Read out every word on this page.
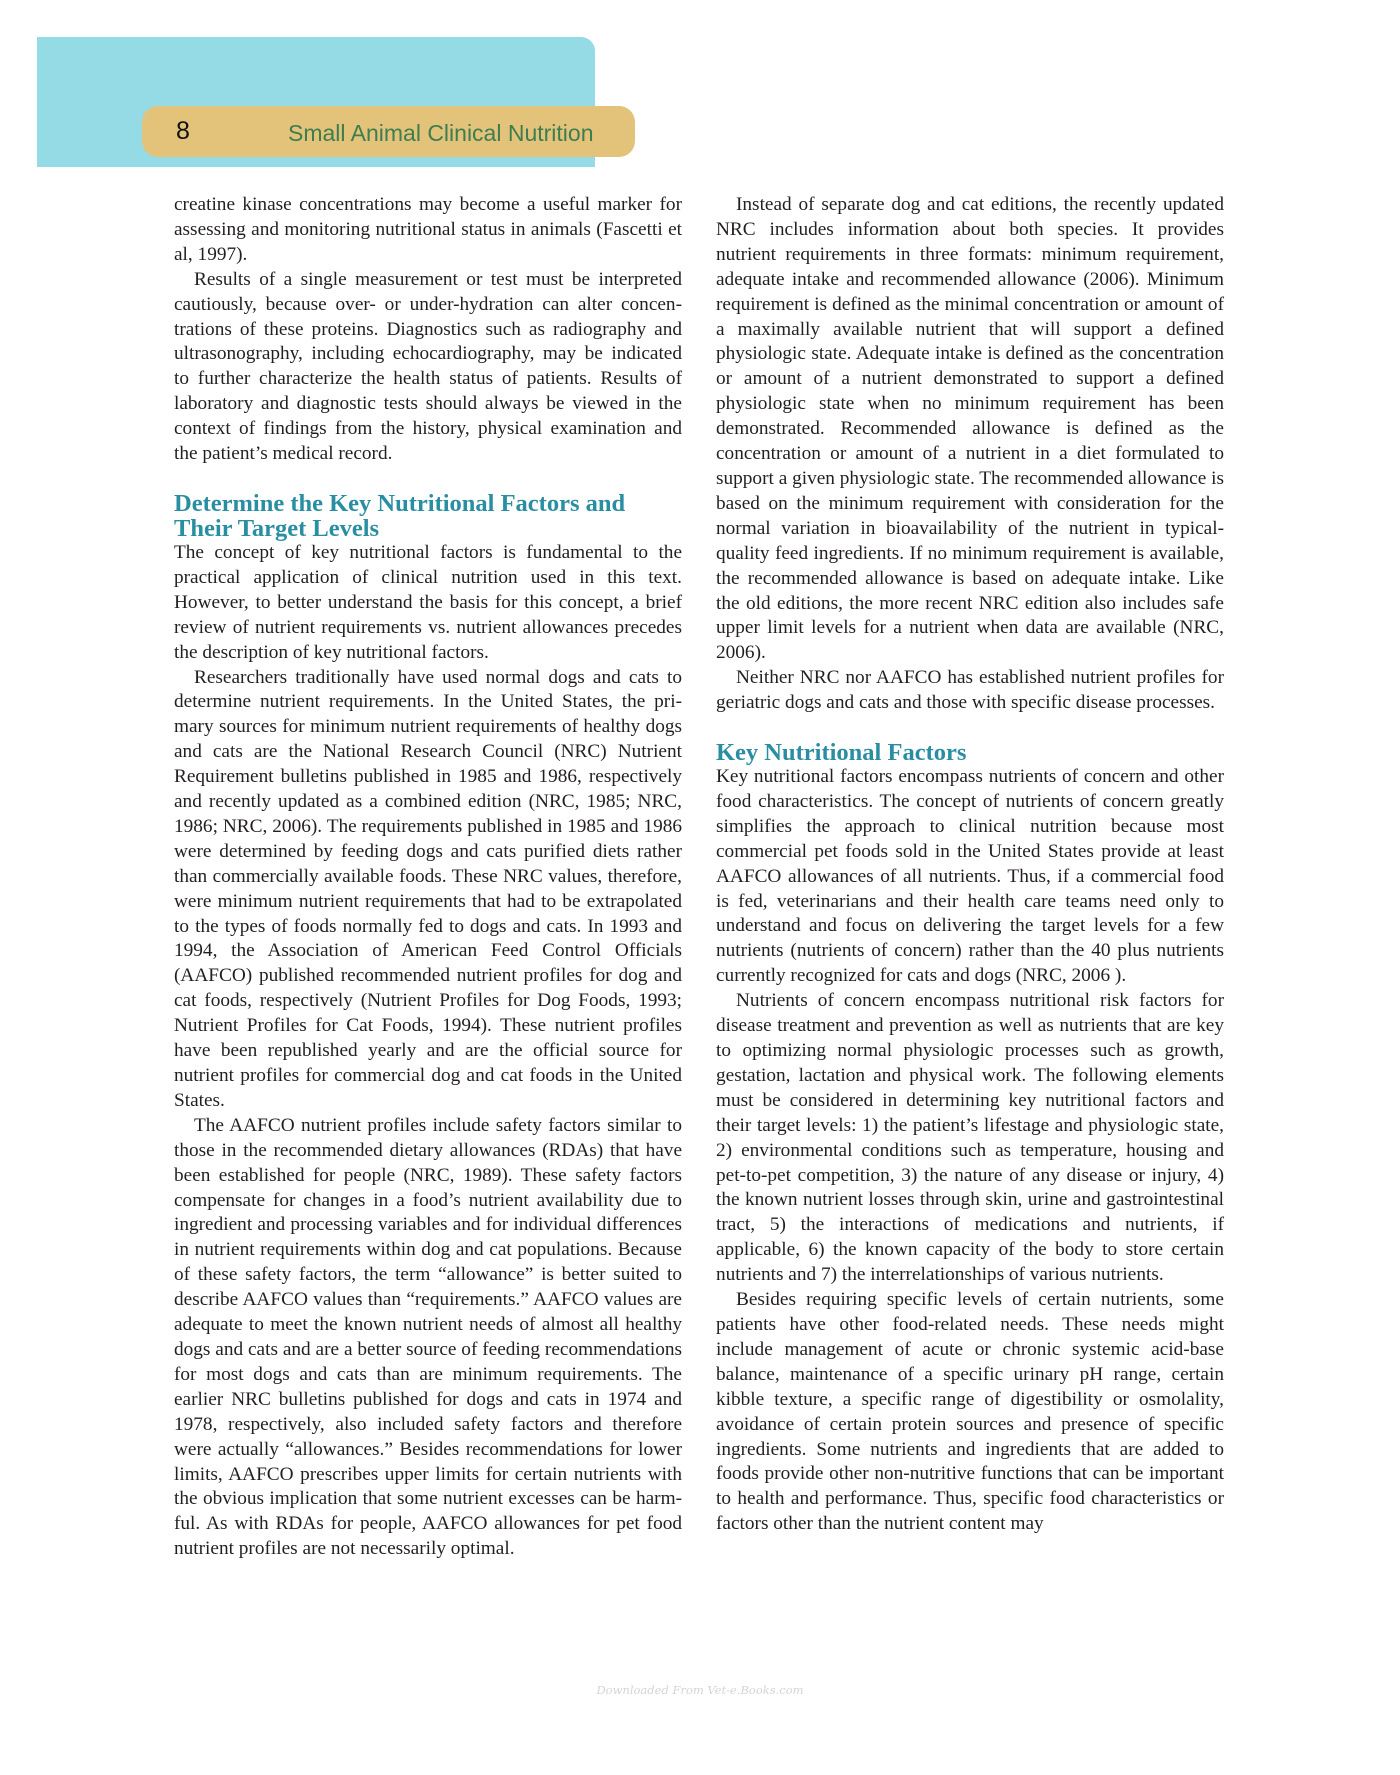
8	Small Animal Clinical Nutrition

creatine kinase concentrations may become a useful marker for assessing and monitoring nutritional status in animals (Fascetti et al, 1997).

Results of a single measurement or test must be interpreted cautiously, because over- or under-hydration can alter concentrations of these proteins. Diagnostics such as radiography and ultrasonography, including echocardiography, may be indicated to further characterize the health status of patients. Results of laboratory and diagnostic tests should always be viewed in the context of findings from the history, physical examination and the patient’s medical record.

Determine the Key Nutritional Factors and Their Target Levels

The concept of key nutritional factors is fundamental to the practical application of clinical nutrition used in this text. However, to better understand the basis for this concept, a brief review of nutrient requirements vs. nutrient allowances precedes the description of key nutritional factors.

Researchers traditionally have used normal dogs and cats to determine nutrient requirements. In the United States, the primary sources for minimum nutrient requirements of healthy dogs and cats are the National Research Council (NRC) Nutrient Requirement bulletins published in 1985 and 1986, respectively and recently updated as a combined edition (NRC, 1985; NRC, 1986; NRC, 2006). The requirements published in 1985 and 1986 were determined by feeding dogs and cats purified diets rather than commercially available foods. These NRC values, therefore, were minimum nutrient requirements that had to be extrapolated to the types of foods normally fed to dogs and cats. In 1993 and 1994, the Association of American Feed Control Officials (AAFCO) published recommended nutrient profiles for dog and cat foods, respectively (Nutrient Profiles for Dog Foods, 1993; Nutrient Profiles for Cat Foods, 1994). These nutrient profiles have been republished yearly and are the official source for nutrient profiles for commercial dog and cat foods in the United States.

The AAFCO nutrient profiles include safety factors similar to those in the recommended dietary allowances (RDAs) that have been established for people (NRC, 1989). These safety factors compensate for changes in a food’s nutrient availability due to ingredient and processing variables and for individual differences in nutrient requirements within dog and cat populations. Because of these safety factors, the term “allowance” is better suited to describe AAFCO values than “requirements.” AAFCO values are adequate to meet the known nutrient needs of almost all healthy dogs and cats and are a better source of feeding recommendations for most dogs and cats than are minimum requirements. The earlier NRC bulletins published for dogs and cats in 1974 and 1978, respectively, also included safety factors and therefore were actually “allowances.” Besides recommendations for lower limits, AAFCO prescribes upper limits for certain nutrients with the obvious implication that some nutrient excesses can be harmful. As with RDAs for people, AAFCO allowances for pet food nutrient profiles are not necessarily optimal.

Instead of separate dog and cat editions, the recently updated NRC includes information about both species. It provides nutrient requirements in three formats: minimum requirement, adequate intake and recommended allowance (2006). Minimum requirement is defined as the minimal concentration or amount of a maximally available nutrient that will support a defined physiologic state. Adequate intake is defined as the concentration or amount of a nutrient demonstrated to support a defined physiologic state when no minimum requirement has been demonstrated. Recommended allowance is defined as the concentration or amount of a nutrient in a diet formulated to support a given physiologic state. The recommended allowance is based on the minimum requirement with consideration for the normal variation in bioavailability of the nutrient in typical-quality feed ingredients. If no minimum requirement is available, the recommended allowance is based on adequate intake. Like the old editions, the more recent NRC edition also includes safe upper limit levels for a nutrient when data are available (NRC, 2006).

Neither NRC nor AAFCO has established nutrient profiles for geriatric dogs and cats and those with specific disease processes.

Key Nutritional Factors

Key nutritional factors encompass nutrients of concern and other food characteristics. The concept of nutrients of concern greatly simplifies the approach to clinical nutrition because most commercial pet foods sold in the United States provide at least AAFCO allowances of all nutrients. Thus, if a commercial food is fed, veterinarians and their health care teams need only to understand and focus on delivering the target levels for a few nutrients (nutrients of concern) rather than the 40 plus nutrients currently recognized for cats and dogs (NRC, 2006 ).

Nutrients of concern encompass nutritional risk factors for disease treatment and prevention as well as nutrients that are key to optimizing normal physiologic processes such as growth, gestation, lactation and physical work. The following elements must be considered in determining key nutritional factors and their target levels: 1) the patient’s lifestage and physiologic state, 2) environmental conditions such as temperature, housing and pet-to-pet competition, 3) the nature of any disease or injury, 4) the known nutrient losses through skin, urine and gastrointestinal tract, 5) the interactions of medications and nutrients, if applicable, 6) the known capacity of the body to store certain nutrients and 7) the interrelationships of various nutrients.

Besides requiring specific levels of certain nutrients, some patients have other food-related needs. These needs might include management of acute or chronic systemic acid-base balance, maintenance of a specific urinary pH range, certain kibble texture, a specific range of digestibility or osmolality, avoidance of certain protein sources and presence of specific ingredients. Some nutrients and ingredients that are added to foods provide other non-nutritive functions that can be important to health and performance. Thus, specific food characteristics or factors other than the nutrient content may

Downloaded From Vet-e.Books.com
